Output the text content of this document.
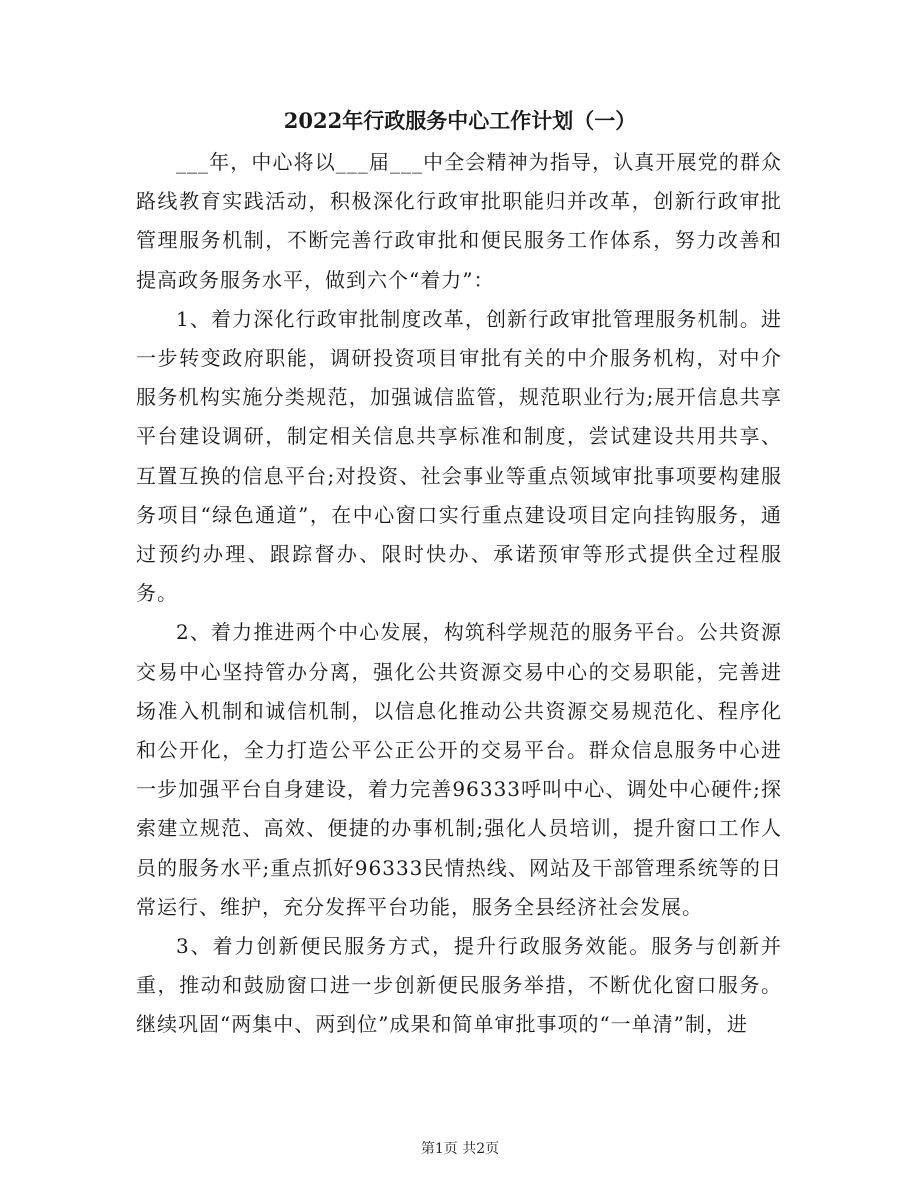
2022年行政服务中心工作计划（一）

___年，中心将以___届___中全会精神为指导，认真开展党的群众路线教育实践活动，积极深化行政审批职能归并改革，创新行政审批管理服务机制，不断完善行政审批和便民服务工作体系，努力改善和提高政务服务水平，做到六个“着力”：

1、着力深化行政审批制度改革，创新行政审批管理服务机制。进一步转变政府职能，调研投资项目审批有关的中介服务机构，对中介服务机构实施分类规范，加强诚信监管，规范职业行为;展开信息共享平台建设调研，制定相关信息共享标准和制度，尝试建设共用共享、互置互换的信息平台;对投资、社会事业等重点领域审批事项要构建服务项目“绿色通道”，在中心窗口实行重点建设项目定向挂钩服务，通过预约办理、跟踪督办、限时快办、承诺预审等形式提供全过程服务。

2、着力推进两个中心发展，构筑科学规范的服务平台。公共资源交易中心坚持管办分离，强化公共资源交易中心的交易职能，完善进场准入机制和诚信机制，以信息化推动公共资源交易规范化、程序化和公开化，全力打造公平公正公开的交易平台。群众信息服务中心进一步加强平台自身建设，着力完善96333呼叫中心、调处中心硬件;探索建立规范、高效、便捷的办事机制;强化人员培训，提升窗口工作人员的服务水平;重点抓好96333民情热线、网站及干部管理系统等的日常运行、维护，充分发挥平台功能，服务全县经济社会发展。

3、着力创新便民服务方式，提升行政服务效能。服务与创新并重，推动和鼓励窗口进一步创新便民服务举措，不断优化窗口服务。继续巩固“两集中、两到位”成果和简单审批事项的“一单清”制，进

第1页 共2页
